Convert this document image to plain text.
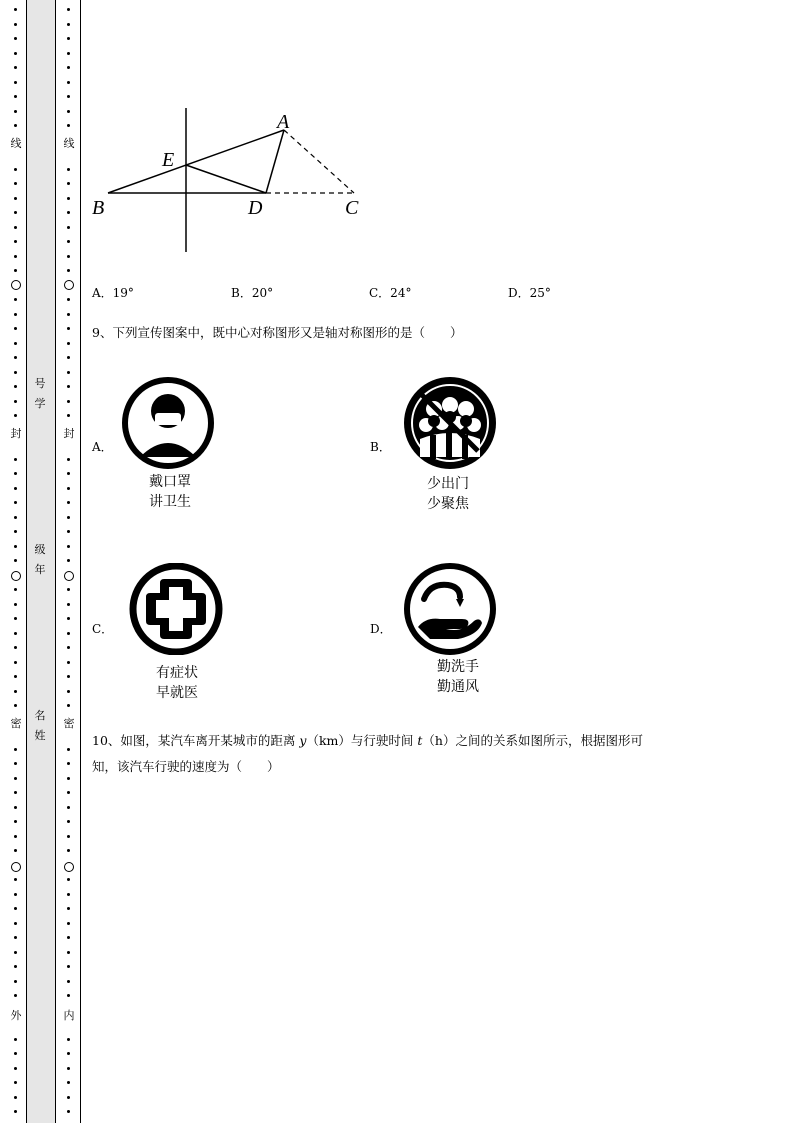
线
封
密
外
线
封
密
内
号
学
级
年
名
姓
A
E
B	D	C
A．19°	B．20°	C．24°	D．25°
9、下列宣传图案中，既中心对称图形又是轴对称图形的是（　　）
A．
戴口罩
讲卫生
B．
少出门
少聚焦
C．
有症状
早就医
D．
勤洗手
勤通风
10、如图，某汽车离开某城市的距离 y（km）与行驶时间 t（h）之间的关系如图所示，根据图形可
知，该汽车行驶的速度为（　　）
